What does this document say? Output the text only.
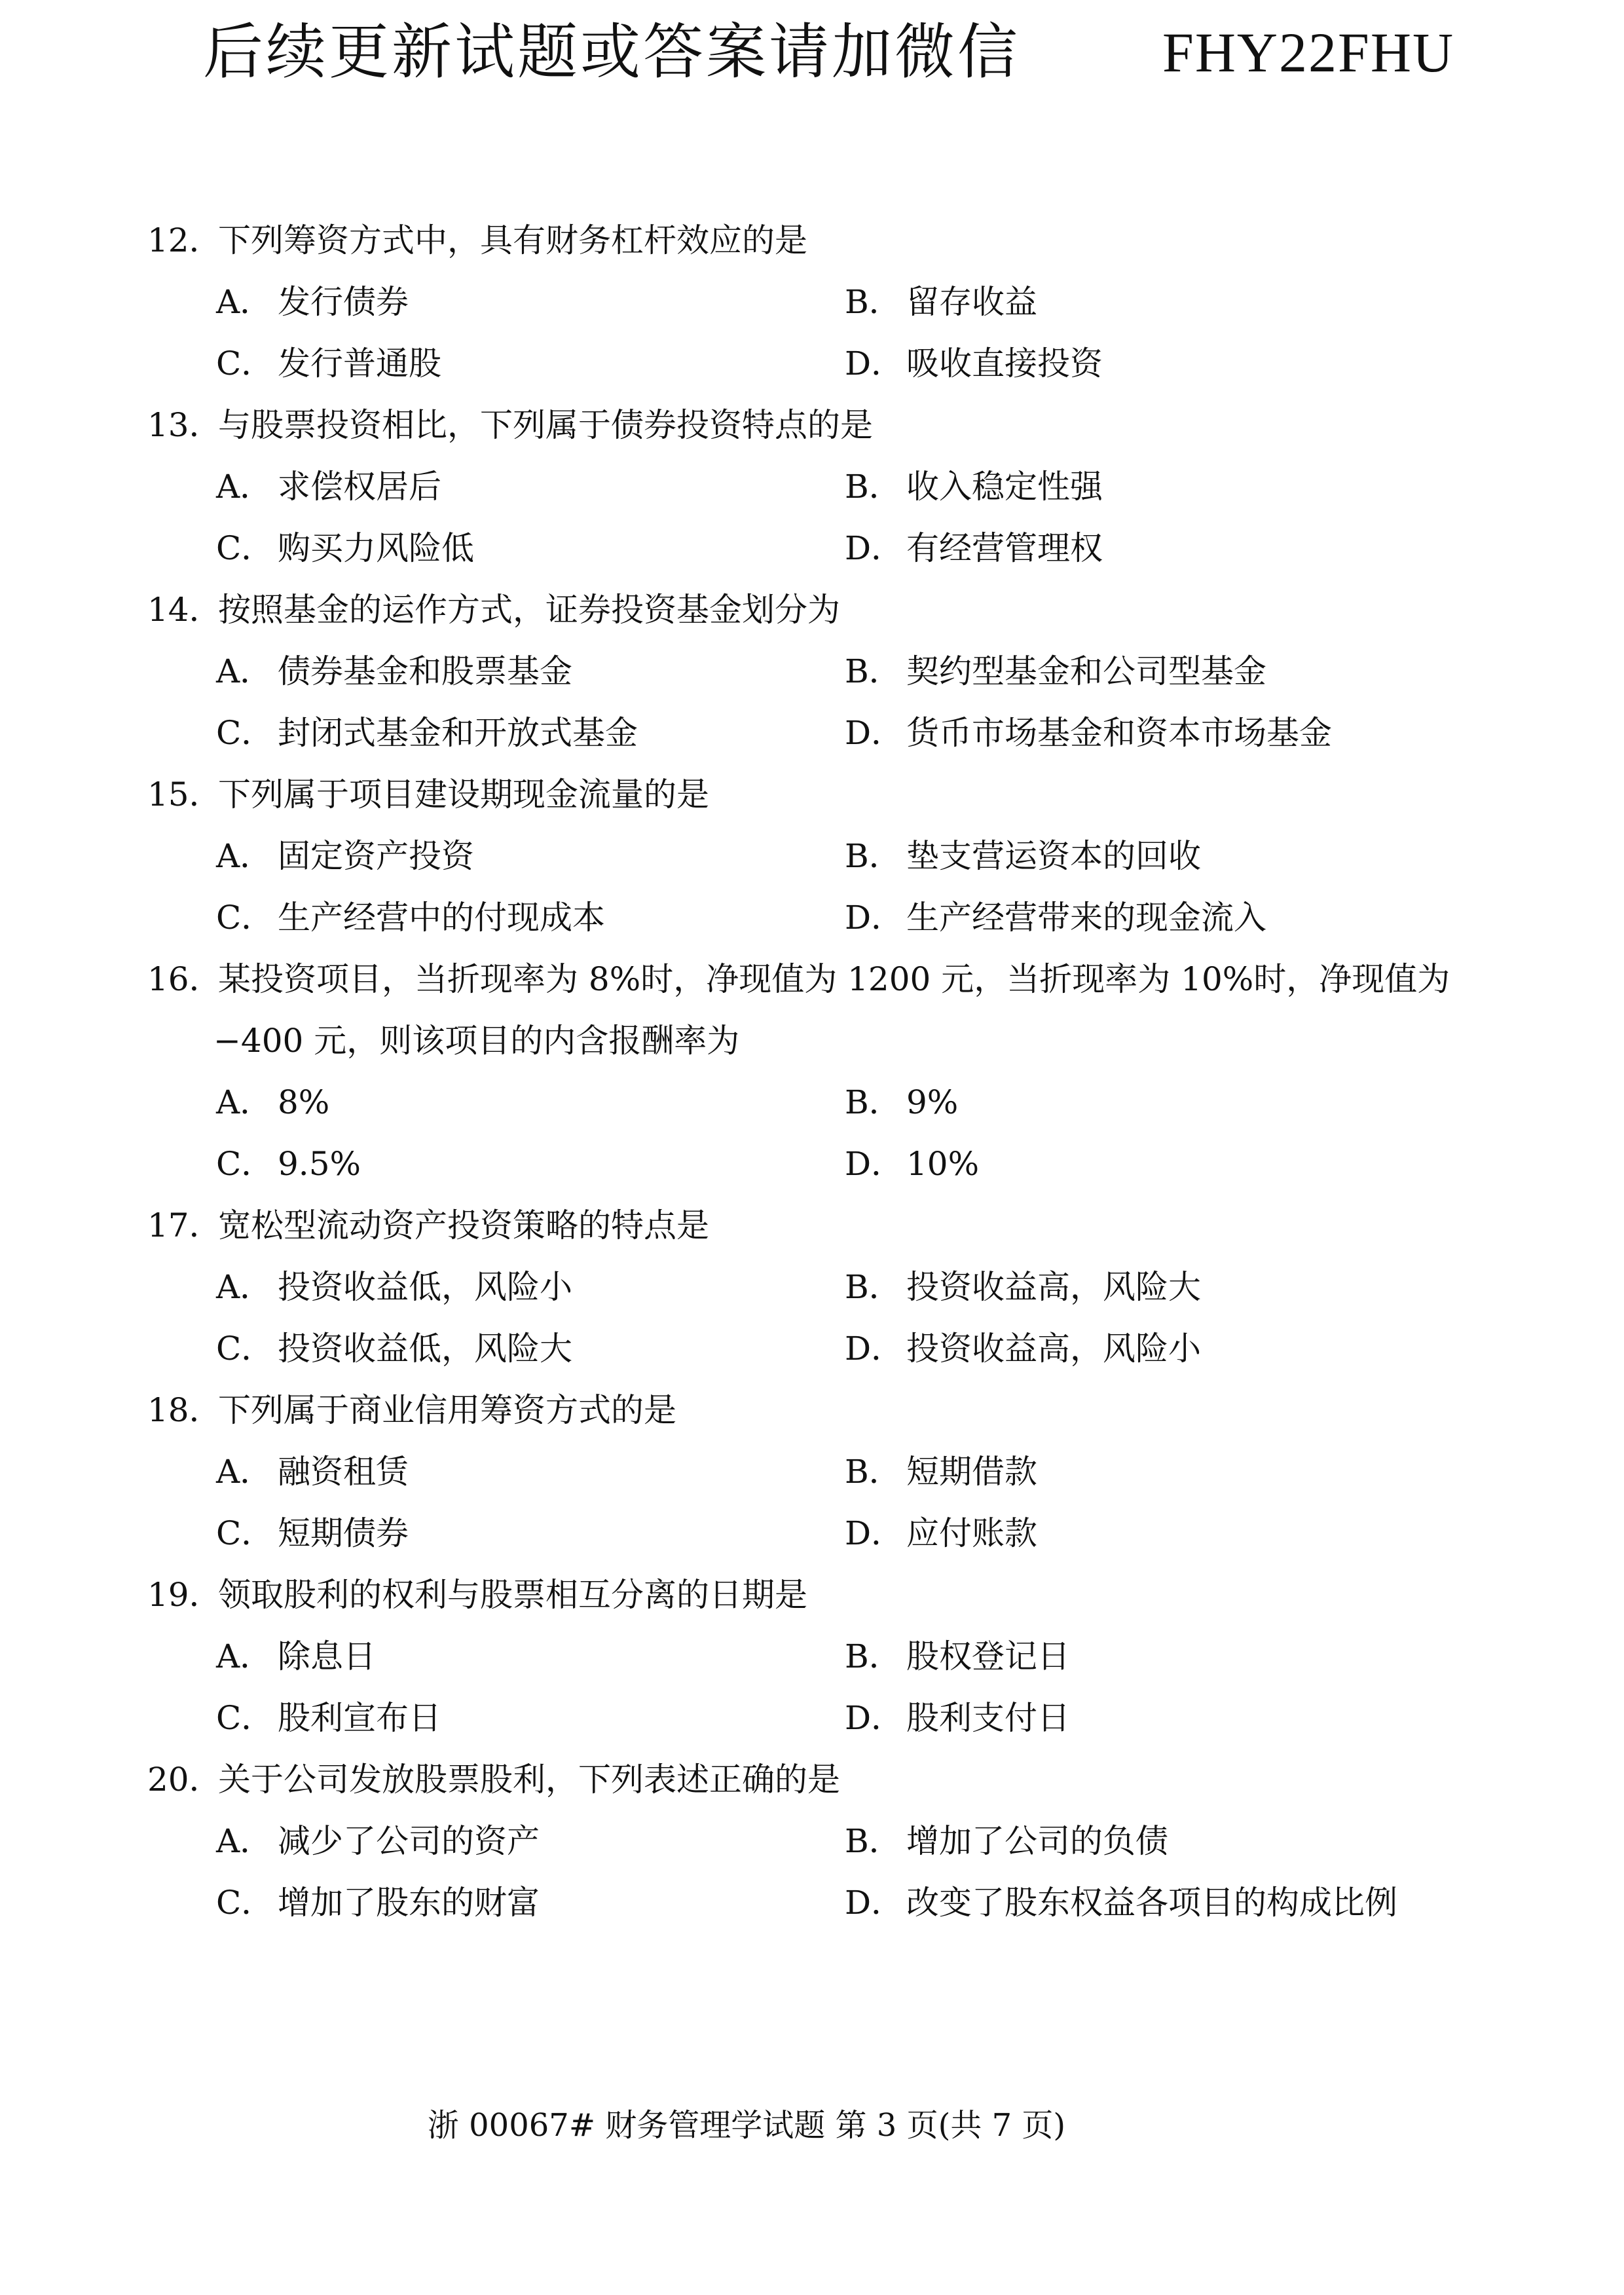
后续更新试题或答案请加微信	FHY22FHU
12．
下列筹资方式中，具有财务杠杆效应的是
A． 发行债券	B． 留存收益
C． 发行普通股	D．吸收直接投资
13．
与股票投资相比，下列属于债券投资特点的是
A． 求偿权居后	B． 收入稳定性强
C． 购买力风险低	D．有经营管理权
14．
按照基金的运作方式，证券投资基金划分为
A． 债券基金和股票基金	B． 契约型基金和公司型基金
C． 封闭式基金和开放式基金	D．货币市场基金和资本市场基金
15．
下列属于项目建设期现金流量的是
A． 固定资产投资	B． 垫支营运资本的回收
C． 生产经营中的付现成本	D．生产经营带来的现金流入
16．
某投资项目，当折现率为 8%时，净现值为 1200 元，当折现率为 10%时，净现值为
−400 元，则该项目的内含报酬率为
A． 8%	B． 9%
C． 9.5%	D．10%
17．
宽松型流动资产投资策略的特点是
A． 投资收益低，风险小	B． 投资收益高，风险大
C． 投资收益低，风险大	D．投资收益高，风险小
18．
下列属于商业信用筹资方式的是
A． 融资租赁	B． 短期借款
C． 短期债券	D．应付账款
19．
领取股利的权利与股票相互分离的日期是
A． 除息日	B． 股权登记日
C． 股利宣布日	D．股利支付日
20．
关于公司发放股票股利，下列表述正确的是
A． 减少了公司的资产	B． 增加了公司的负债
C． 增加了股东的财富	D．改变了股东权益各项目的构成比例
浙 00067# 财务管理学试题 第 3 页(共 7 页)
